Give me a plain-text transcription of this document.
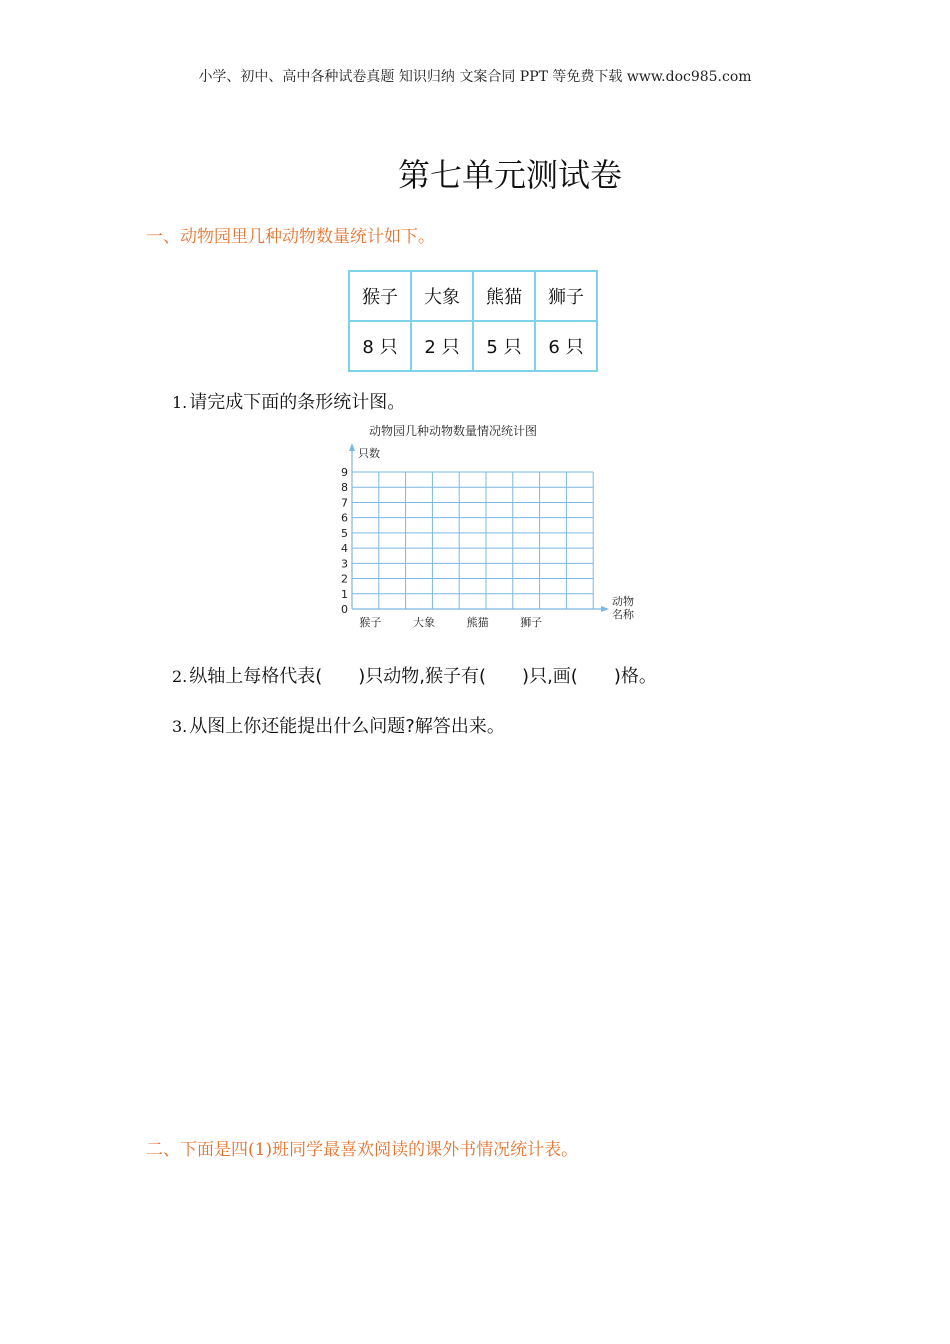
小学、初中、高中各种试卷真题 知识归纳 文案合同 PPT 等免费下载 www.doc985.com
第七单元测试卷
一、动物园里几种动物数量统计如下。
猴子	大象	熊猫	狮子
8 只	2 只	5 只	6 只
1. 请完成下面的条形统计图。
动物园几种动物数量情况统计图
只数
0
1
2
3
4
5
6
7
8
9
猴子	大象	熊猫	狮子
动物
名称
2. 纵轴上每格代表(　　)只动物,猴子有(　　)只,画(　　)格。
3. 从图上你还能提出什么问题?解答出来。
二、下面是四(1)班同学最喜欢阅读的课外书情况统计表。
